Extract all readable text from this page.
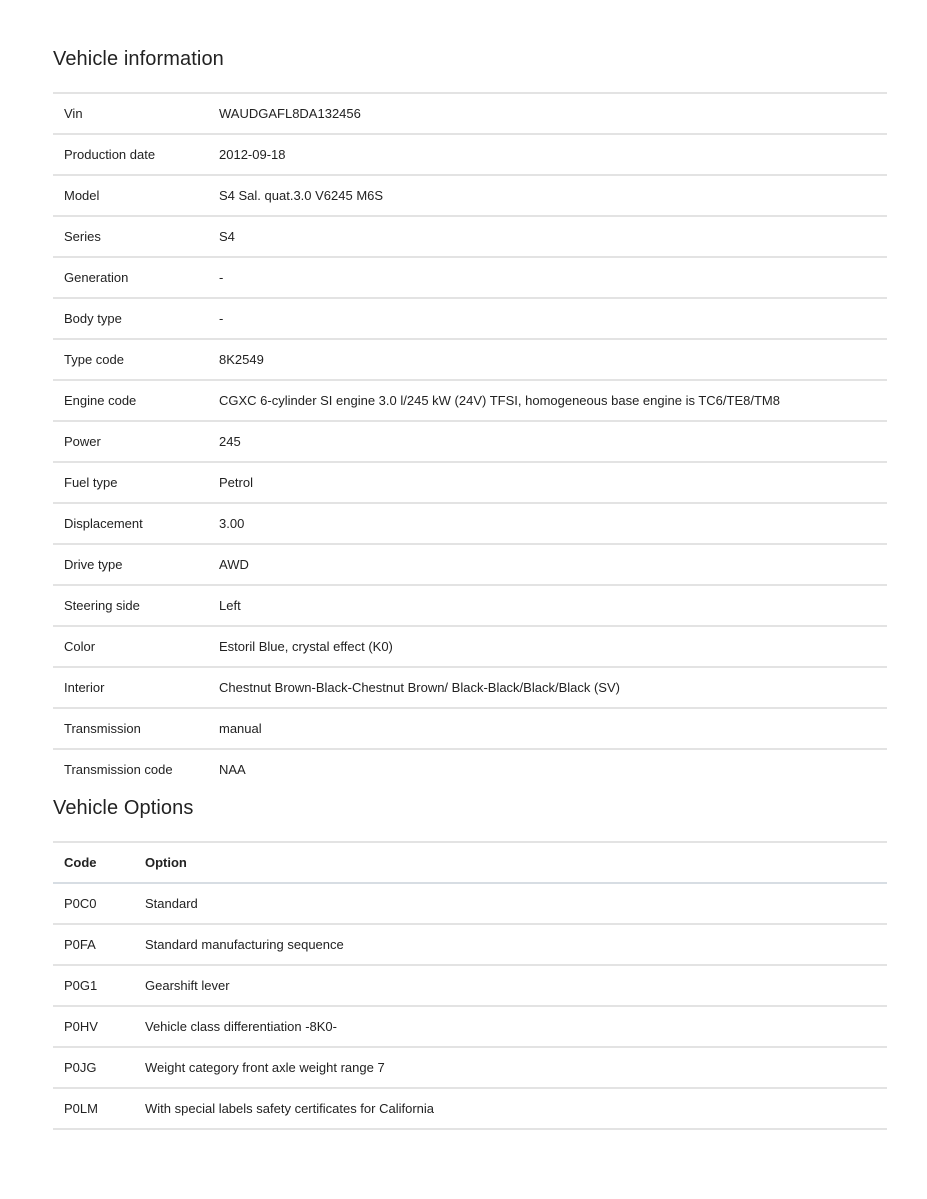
Vehicle information
Vin	WAUDGAFL8DA132456
Production date	2012-09-18
Model	S4 Sal. quat.3.0 V6245 M6S
Series	S4
Generation	-
Body type	-
Type code	8K2549
Engine code	CGXC 6-cylinder SI engine 3.0 l/245 kW (24V) TFSI, homogeneous base engine is TC6/TE8/TM8
Power	245
Fuel type	Petrol
Displacement	3.00
Drive type	AWD
Steering side	Left
Color	Estoril Blue, crystal effect (K0)
Interior	Chestnut Brown-Black-Chestnut Brown/ Black-Black/Black/Black (SV)
Transmission	manual
Transmission code	NAA
Vehicle Options
Code	Option
P0C0	Standard
P0FA	Standard manufacturing sequence
P0G1	Gearshift lever
P0HV	Vehicle class differentiation -8K0-
P0JG	Weight category front axle weight range 7
P0LM	With special labels safety certificates for California
